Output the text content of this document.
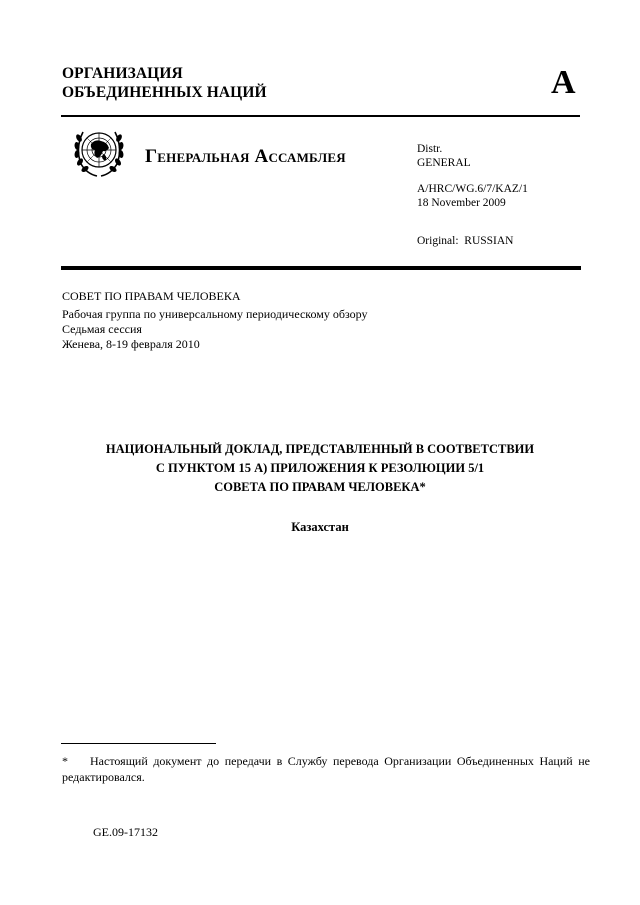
ОРГАНИЗАЦИЯ
ОБЪЕДИНЕННЫХ НАЦИЙ	A
Генеральная Ассамблея	Distr.
GENERAL
A/HRC/WG.6/7/KAZ/1
18 November 2009
Original:  RUSSIAN
СОВЕТ ПО ПРАВАМ ЧЕЛОВЕКА
Рабочая группа по универсальному периодическому обзору
Седьмая сессия
Женева, 8-19 февраля 2010
НАЦИОНАЛЬНЫЙ ДОКЛАД, ПРЕДСТАВЛЕННЫЙ В СООТВЕТСТВИИ
С ПУНКТОМ 15 А) ПРИЛОЖЕНИЯ К РЕЗОЛЮЦИИ 5/1
СОВЕТА ПО ПРАВАМ ЧЕЛОВЕКА*
Казахстан
* Настоящий документ до передачи в Службу перевода Организации Объединенных Наций не редактировался.
GE.09-17132
